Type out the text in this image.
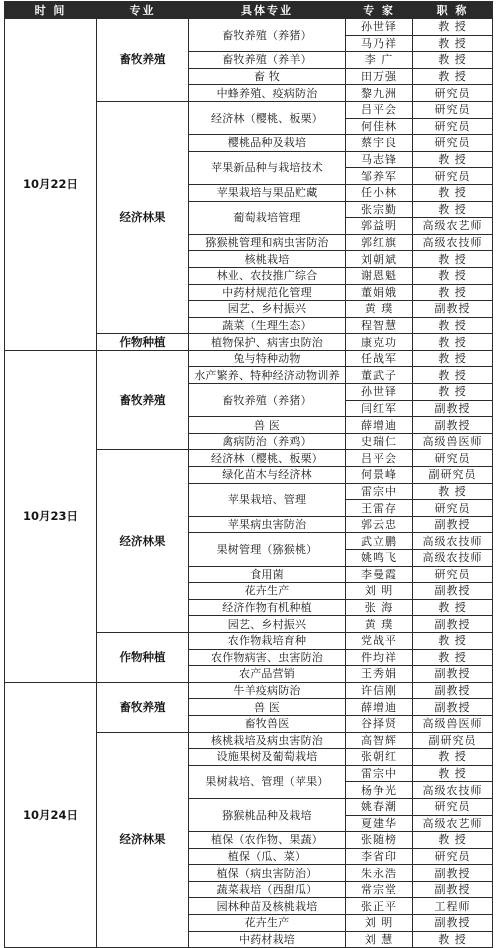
时 间	专业	具体专业	专 家	职 称
10月22日	畜牧养殖	畜牧养殖（养猪）	孙世铎	教 授
			马乃祥	教 授
		畜牧养殖（养羊）	李 广	教 授
		畜 牧	田万强	教 授
		中蜂养殖、疫病防治	黎九洲	研究员
	经济林果	经济林（樱桃、板栗）	吕平会	研究员
			何佳林	研究员
		樱桃品种及栽培	蔡宇良	研究员
		苹果新品种与栽培技术	马志锋	教 授
			邹养军	研究员
		苹果栽培与果品贮藏	任小林	教 授
		葡萄栽培管理	张宗勤	教 授
			郭益明	高级农艺师
		猕猴桃管理和病虫害防治	郭红旗	高级农技师
		核桃栽培	刘朝斌	教 授
		林业、农技推广综合	谢恩魁	教 授
		中药材规范化管理	董娟娥	教 授
		园艺、乡村振兴	黄 璞	副教授
		蔬菜（生理生态）	程智慧	教 授
	作物种植	植物保护、病害虫防治	康克功	教 授
10月23日	畜牧养殖	兔与特种动物	任战军	教 授
		水产繁养、特种经济动物训养	董武子	教 授
		畜牧养殖（养猪）	孙世铎	教 授
			闫红军	副教授
		兽 医	薛增迪	副教授
		禽病防治（养鸡）	史瑞仁	高级兽医师
	经济林果	经济林（樱桃、板栗）	吕平会	研究员
		绿化苗木与经济林	何景峰	副研究员
		苹果栽培、管理	雷宗中	教 授
			王雷存	研究员
		苹果病虫害防治	郭云忠	副教授
		果树管理（猕猴桃）	武立鹏	高级农技师
			姚鸣飞	高级农技师
		食用菌	李曼霞	研究员
		花卉生产	刘 明	副教授
		经济作物有机种植	张 海	教 授
		园艺、乡村振兴	黄 璞	副教授
	作物种植	农作物栽培育种	党战平	教 授
		农作物病害、虫害防治	件均祥	教 授
		农产品营销	王秀娟	副教授
10月24日	畜牧养殖	牛羊疫病防治	许信刚	副教授
		兽 医	薛增迪	副教授
		畜牧兽医	谷择贤	高级兽医师
	经济林果	核桃栽培及病虫害防治	高智辉	副研究员
		设施果树及葡萄栽培	张朝红	教 授
		果树栽培、管理（苹果）	雷宗中	教 授
			杨争光	高级农技师
		猕猴桃品种及栽培	姚春潮	研究员
			夏建华	高级农艺师
		植保（农作物、果蔬）	张随榜	教 授
		植保（瓜、菜）	李省印	研究员
		植保（病虫害防治）	朱永浩	副教授
		蔬菜栽培（西甜瓜）	常宗堂	副教授
		园林种苗及核桃栽培	张正平	工程师
		花卉生产	刘 明	副教授
		中药材栽培	刘 慧	教 授
